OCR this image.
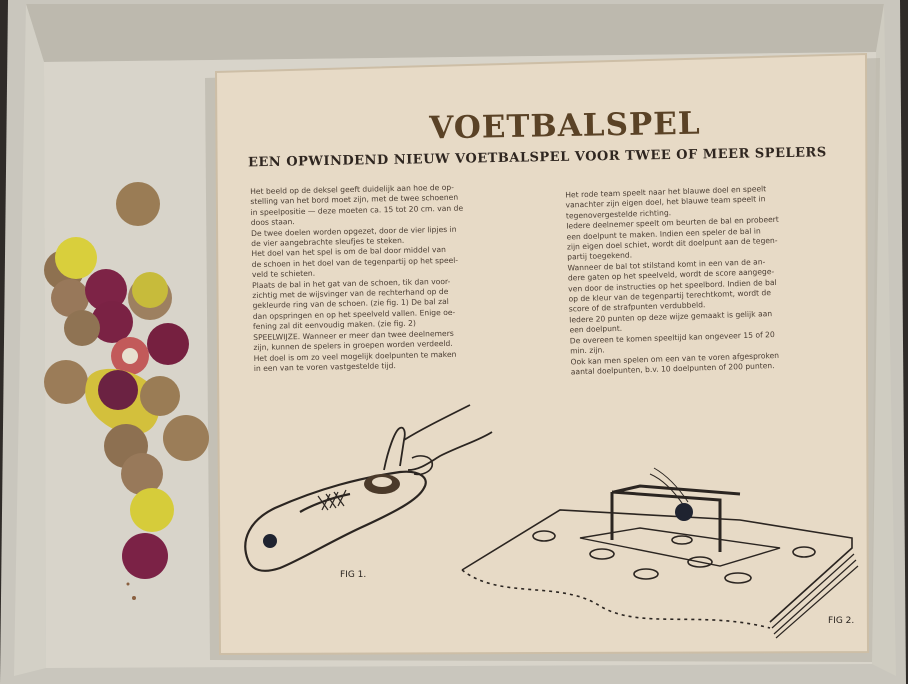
VOETBALSPEL
EEN OPWINDEND NIEUW VOETBALSPEL VOOR TWEE OF MEER SPELERS
Het beeld op de deksel geeft duidelijk aan hoe de op-
stelling van het bord moet zijn, met de twee schoenen
in speelpositie — deze moeten ca. 15 tot 20 cm. van de
doos staan.
De twee doelen worden opgezet, door de vier lipjes in
de vier aangebrachte sleufjes te steken.
Het doel van het spel is om de bal door middel van
de schoen in het doel van de tegenpartij op het speel-
veld te schieten.
Plaats de bal in het gat van de schoen, tik dan voor-
zichtig met de wijsvinger van de rechterhand op de
gekleurde ring van de schoen. (zie fig. 1) De bal zal
dan opspringen en op het speelveld vallen. Enige oe-
fening zal dit eenvoudig maken. (zie fig. 2)
SPEELWIJZE. Wanneer er meer dan twee deelnemers
zijn, kunnen de spelers in groepen worden verdeeld.
Het doel is om zo veel mogelijk doelpunten te maken
in een van te voren vastgestelde tijd.
Het rode team speelt naar het blauwe doel en speelt
vanachter zijn eigen doel, het blauwe team speelt in
tegenovergestelde richting.
Iedere deelnemer speelt om beurten de bal en probeert
een doelpunt te maken. Indien een speler de bal in
zijn eigen doel schiet, wordt dit doelpunt aan de tegen-
partij toegekend.
Wanneer de bal tot stilstand komt in een van de an-
dere gaten op het speelveld, wordt de score aangege-
ven door de instructies op het speelbord. Indien de bal
op de kleur van de tegenpartij terechtkomt, wordt de
score of de strafpunten verdubbeld.
Iedere 20 punten op deze wijze gemaakt is gelijk aan
een doelpunt.
De overeen te komen speeltijd kan ongeveer 15 of 20
min. zijn.
Ook kan men spelen om een van te voren afgesproken
aantal doelpunten, b.v. 10 doelpunten of 200 punten.
FIG 1.
FIG 2.
